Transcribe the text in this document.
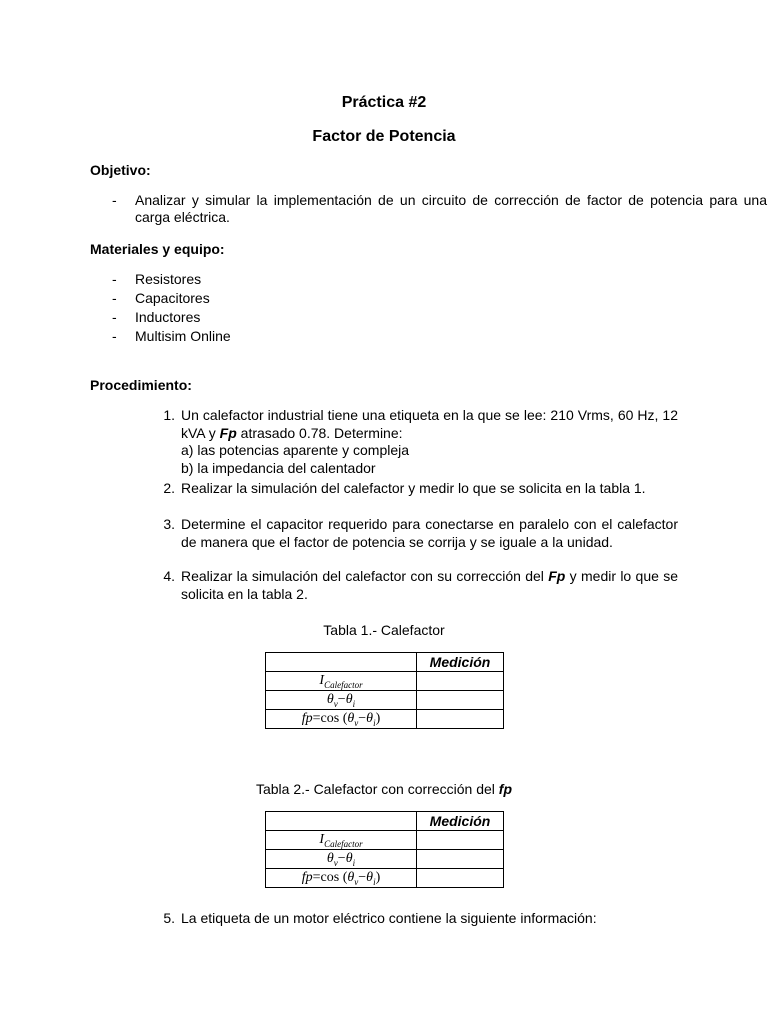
Práctica #2
Factor de Potencia
Objetivo:
- Analizar y simular la implementación de un circuito de corrección de factor de potencia para una carga eléctrica.
Materiales y equipo:
- Resistores
- Capacitores
- Inductores
- Multisim Online
Procedimiento:
1. Un calefactor industrial tiene una etiqueta en la que se lee: 210 Vrms, 60 Hz, 12 kVA y Fp atrasado 0.78. Determine:
a) las potencias aparente y compleja
b) la impedancia del calentador
2. Realizar la simulación del calefactor y medir lo que se solicita en la tabla 1.
3. Determine el capacitor requerido para conectarse en paralelo con el calefactor de manera que el factor de potencia se corrija y se iguale a la unidad.
4. Realizar la simulación del calefactor con su corrección del Fp y medir lo que se solicita en la tabla 2.
Tabla 1.- Calefactor
	Medición
$I_{Calefactor}$	
$\theta_v-\theta_i$	
fp=cos $(\theta_v-\theta_i)$	
Tabla 2.- Calefactor con corrección del fp
	Medición
$I_{Calefactor}$	
$\theta_v-\theta_i$	
fp=cos $(\theta_v-\theta_i)$	
5. La etiqueta de un motor eléctrico contiene la siguiente información:
